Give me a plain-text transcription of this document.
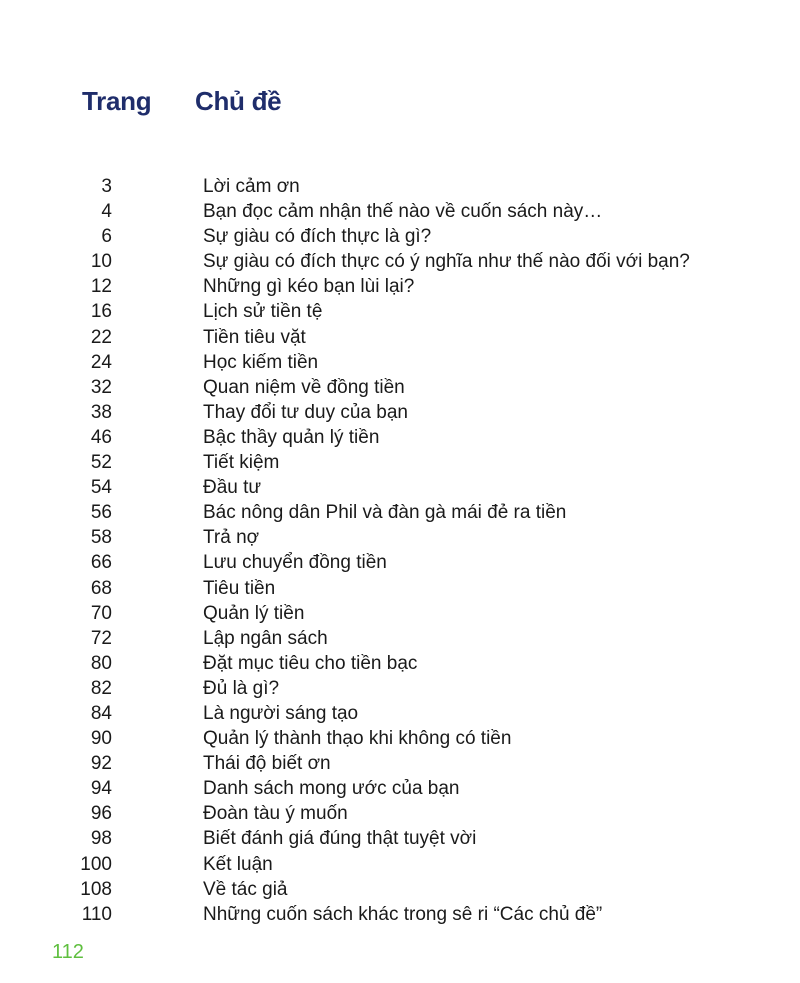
Trang Chủ đề
3	Lời cảm ơn
4	Bạn đọc cảm nhận thế nào về cuốn sách này…
6	Sự giàu có đích thực là gì?
10	Sự giàu có đích thực có ý nghĩa như thế nào đối với bạn?
12	Những gì kéo bạn lùi lại?
16	Lịch sử tiền tệ
22	Tiền tiêu vặt
24	Học kiếm tiền
32	Quan niệm về đồng tiền
38	Thay đổi tư duy của bạn
46	Bậc thầy quản lý tiền
52	Tiết kiệm
54	Đầu tư
56	Bác nông dân Phil và đàn gà mái đẻ ra tiền
58	Trả nợ
66	Lưu chuyển đồng tiền
68	Tiêu tiền
70	Quản lý tiền
72	Lập ngân sách
80	Đặt mục tiêu cho tiền bạc
82	Đủ là gì?
84	Là người sáng tạo
90	Quản lý thành thạo khi không có tiền
92	Thái độ biết ơn
94	Danh sách mong ước của bạn
96	Đoàn tàu ý muốn
98	Biết đánh giá đúng thật tuyệt vời
100	Kết luận
108	Về tác giả
110	Những cuốn sách khác trong sê ri “Các chủ đề”
112
